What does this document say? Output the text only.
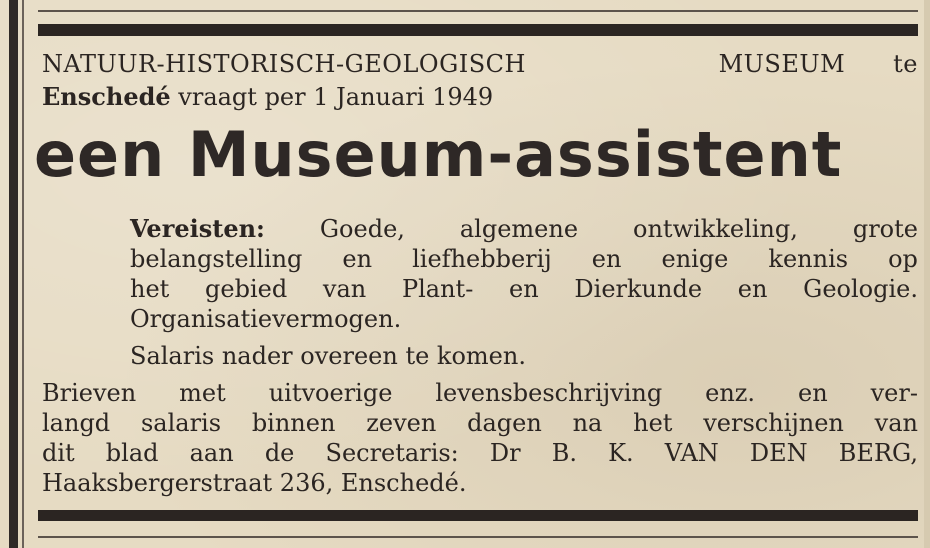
NATUUR-HISTORISCH-GEOLOGISCH	MUSEUM te
Enschedé vraagt per 1 Januari 1949
een Museum-assistent
Vereisten: Goede, algemene ontwikkeling, grote
belangstelling en liefhebberij en enige kennis op
het gebied van Plant- en Dierkunde en Geologie.
Organisatievermogen.
Salaris nader overeen te komen.
Brieven met uitvoerige levensbeschrijving enz. en ver-
langd salaris binnen zeven dagen na het verschijnen van
dit blad aan de Secretaris: Dr B. K. VAN DEN BERG,
Haaksbergerstraat 236, Enschedé.
